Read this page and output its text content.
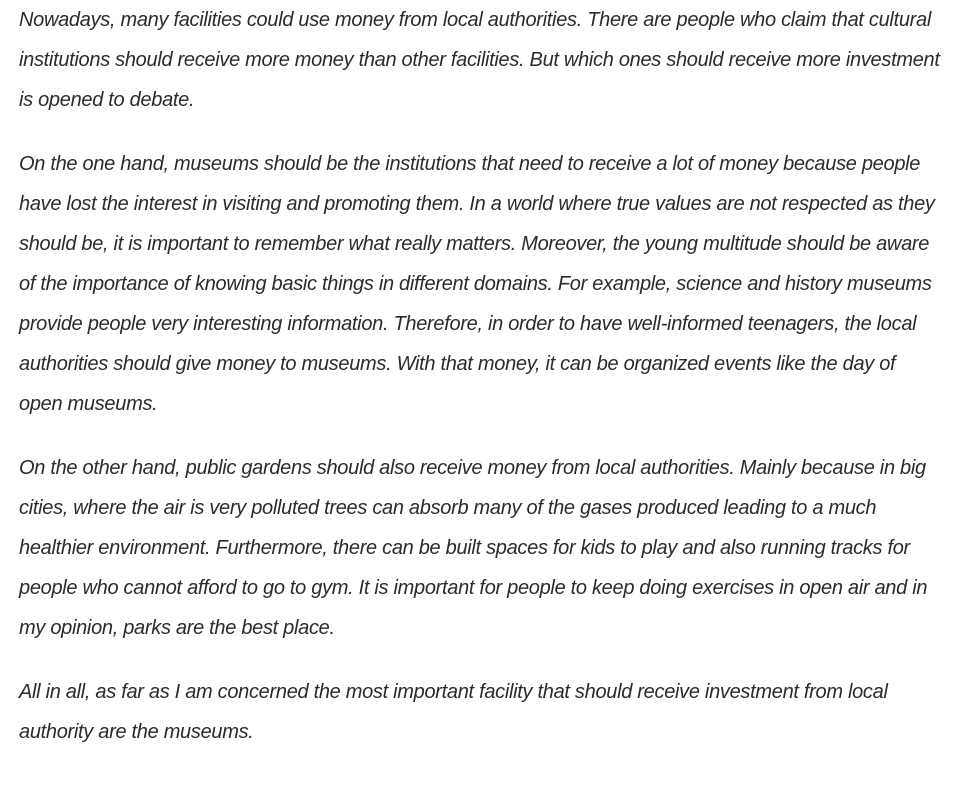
Nowadays, many facilities could use money from local authorities. There are people who claim that cultural institutions should receive more money than other facilities. But which ones should receive more investment is opened to debate.

On the one hand, museums should be the institutions that need to receive a lot of money because people have lost the interest in visiting and promoting them. In a world where true values are not respected as they should be, it is important to remember what really matters. Moreover, the young multitude should be aware of the importance of knowing basic things in different domains. For example, science and history museums provide people very interesting information. Therefore, in order to have well-informed teenagers, the local authorities should give money to museums. With that money, it can be organized events like the day of open museums.

On the other hand, public gardens should also receive money from local authorities. Mainly because in big cities, where the air is very polluted trees can absorb many of the gases produced leading to a much healthier environment. Furthermore, there can be built spaces for kids to play and also running tracks for people who cannot afford to go to gym. It is important for people to keep doing exercises in open air and in my opinion, parks are the best place.

All in all, as far as I am concerned the most important facility that should receive investment from local authority are the museums.
